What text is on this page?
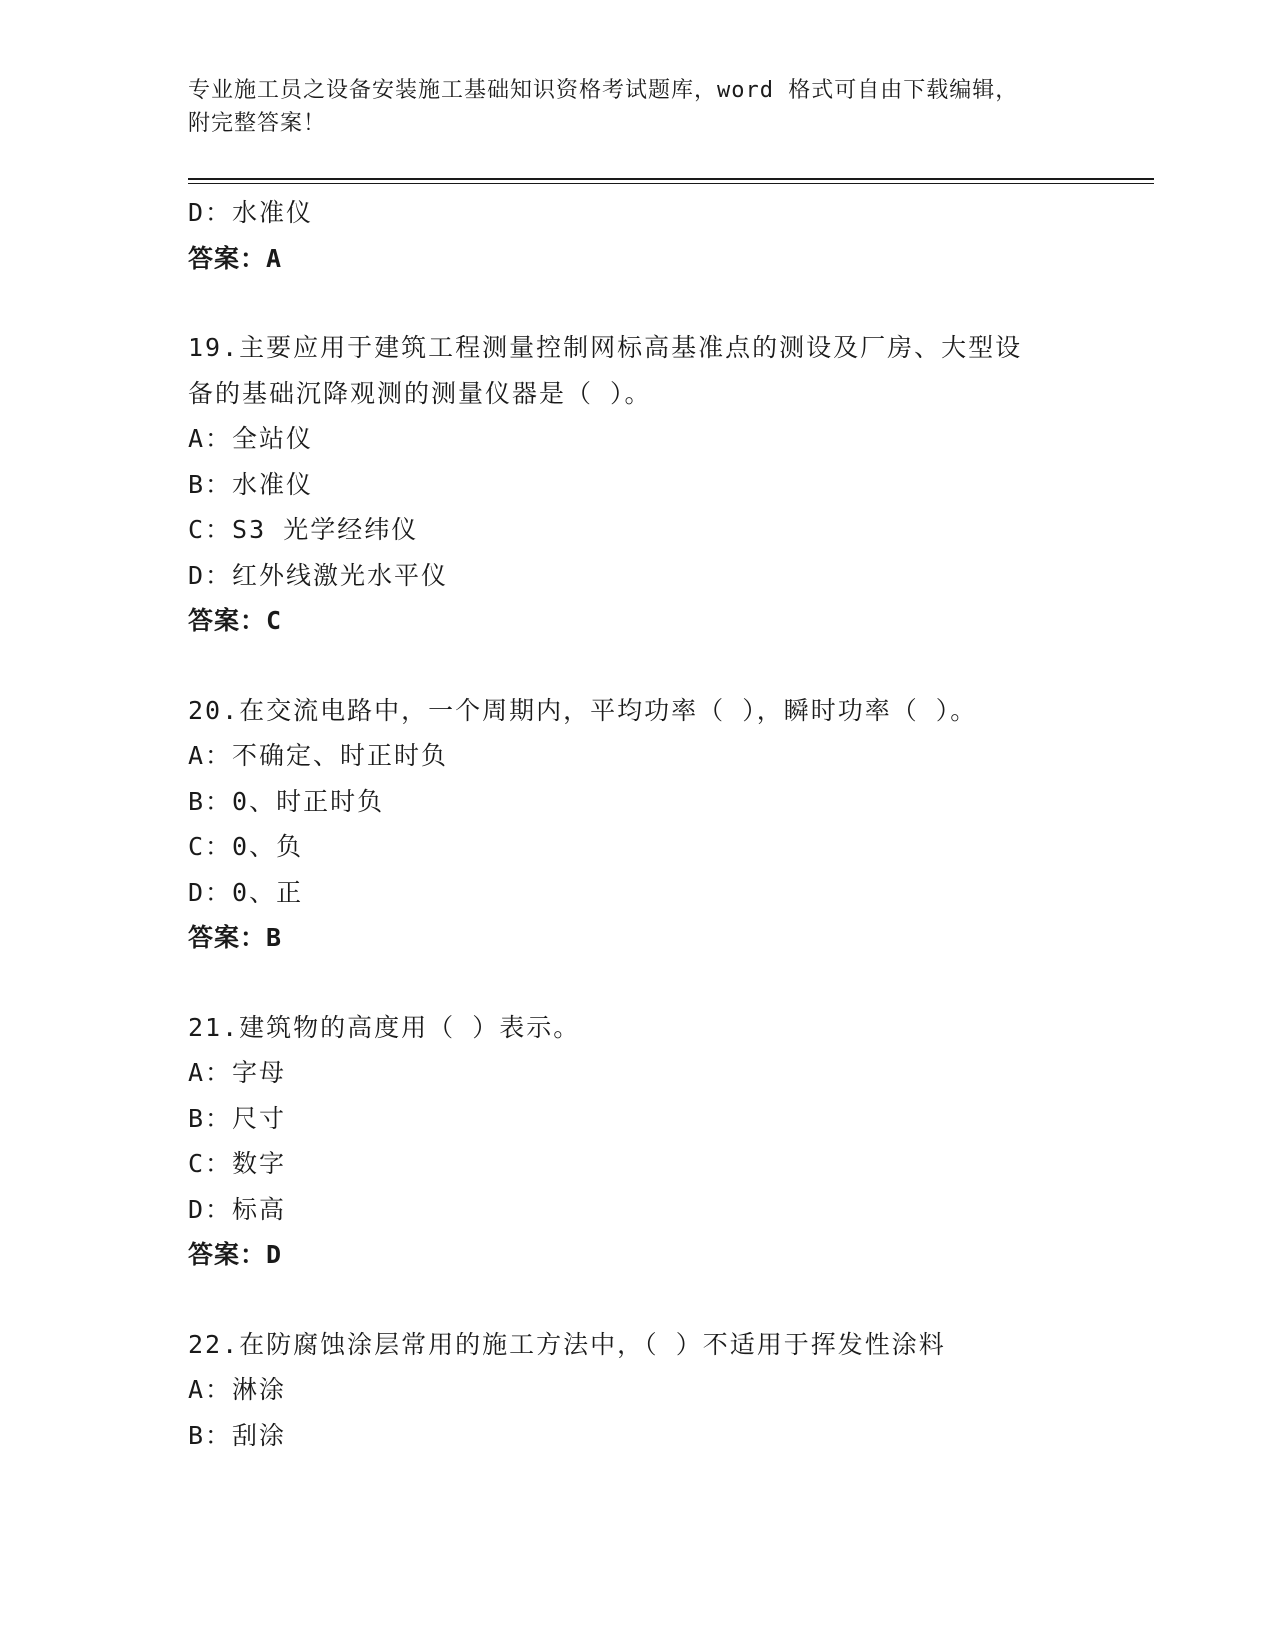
专业施工员之设备安装施工基础知识资格考试题库，word 格式可自由下载编辑，
附完整答案！
D：水准仪
答案：A
19.主要应用于建筑工程测量控制网标高基准点的测设及厂房、大型设
备的基础沉降观测的测量仪器是（ ）。
A：全站仪
B：水准仪
C：S3 光学经纬仪
D：红外线激光水平仪
答案：C
20.在交流电路中，一个周期内，平均功率（ ），瞬时功率（ ）。
A：不确定、时正时负
B：0、时正时负
C：0、负
D：0、正
答案：B
21.建筑物的高度用（ ）表示。
A：字母
B：尺寸
C：数字
D：标高
答案：D
22.在防腐蚀涂层常用的施工方法中，（ ）不适用于挥发性涂料
A：淋涂
B：刮涂
